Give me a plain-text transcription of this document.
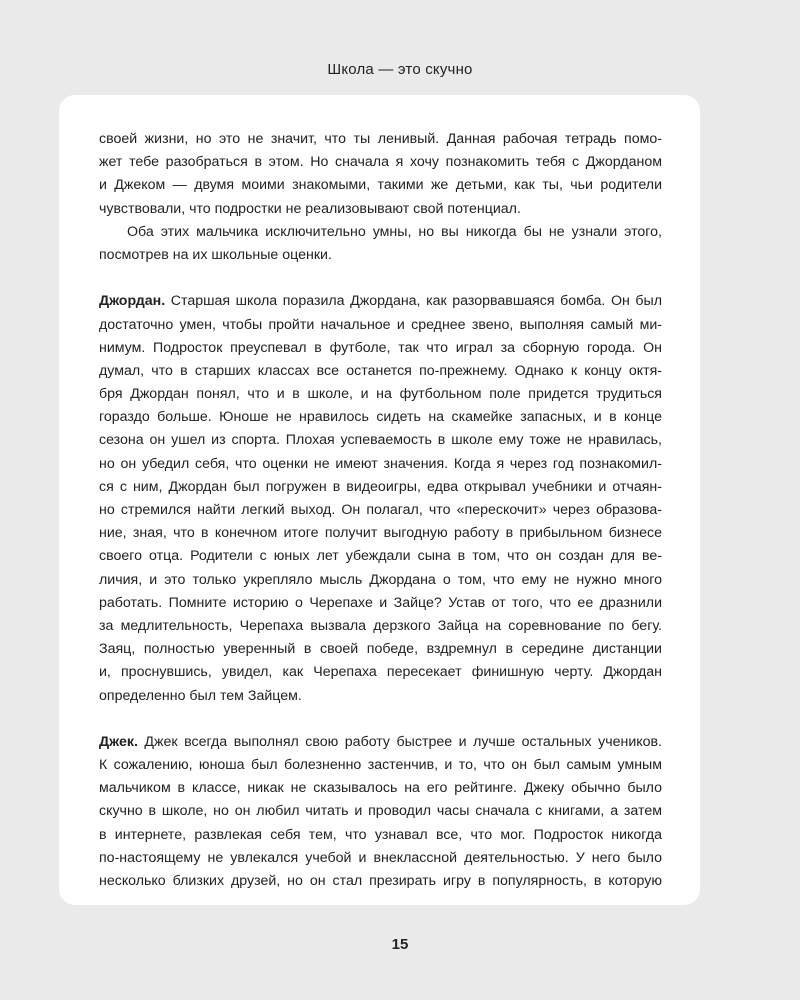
Школа — это скучно
своей жизни, но это не значит, что ты ленивый. Данная рабочая тетрадь помо-
жет тебе разобраться в этом. Но сначала я хочу познакомить тебя с Джорданом
и Джеком — двумя моими знакомыми, такими же детьми, как ты, чьи родители
чувствовали, что подростки не реализовывают свой потенциал.
Оба этих мальчика исключительно умны, но вы никогда бы не узнали этого,
посмотрев на их школьные оценки.
Джордан. Старшая школа поразила Джордана, как разорвавшаяся бомба. Он был
достаточно умен, чтобы пройти начальное и среднее звено, выполняя самый ми-
нимум. Подросток преуспевал в футболе, так что играл за сборную города. Он
думал, что в старших классах все останется по-прежнему. Однако к концу октя-
бря Джордан понял, что и в школе, и на футбольном поле придется трудиться
гораздо больше. Юноше не нравилось сидеть на скамейке запасных, и в конце
сезона он ушел из спорта. Плохая успеваемость в школе ему тоже не нравилась,
но он убедил себя, что оценки не имеют значения. Когда я через год познакомил-
ся с ним, Джордан был погружен в видеоигры, едва открывал учебники и отчаян-
но стремился найти легкий выход. Он полагал, что «перескочит» через образова-
ние, зная, что в конечном итоге получит выгодную работу в прибыльном бизнесе
своего отца. Родители с юных лет убеждали сына в том, что он создан для ве-
личия, и это только укрепляло мысль Джордана о том, что ему не нужно много
работать. Помните историю о Черепахе и Зайце? Устав от того, что ее дразнили
за медлительность, Черепаха вызвала дерзкого Зайца на соревнование по бегу.
Заяц, полностью уверенный в своей победе, вздремнул в середине дистанции
и, проснувшись, увидел, как Черепаха пересекает финишную черту. Джордан
определенно был тем Зайцем.
Джек. Джек всегда выполнял свою работу быстрее и лучше остальных учеников.
К сожалению, юноша был болезненно застенчив, и то, что он был самым умным
мальчиком в классе, никак не сказывалось на его рейтинге. Джеку обычно было
скучно в школе, но он любил читать и проводил часы сначала с книгами, а затем
в интернете, развлекая себя тем, что узнавал все, что мог. Подросток никогда
по-настоящему не увлекался учебой и внеклассной деятельностью. У него было
несколько близких друзей, но он стал презирать игру в популярность, в которую
15
